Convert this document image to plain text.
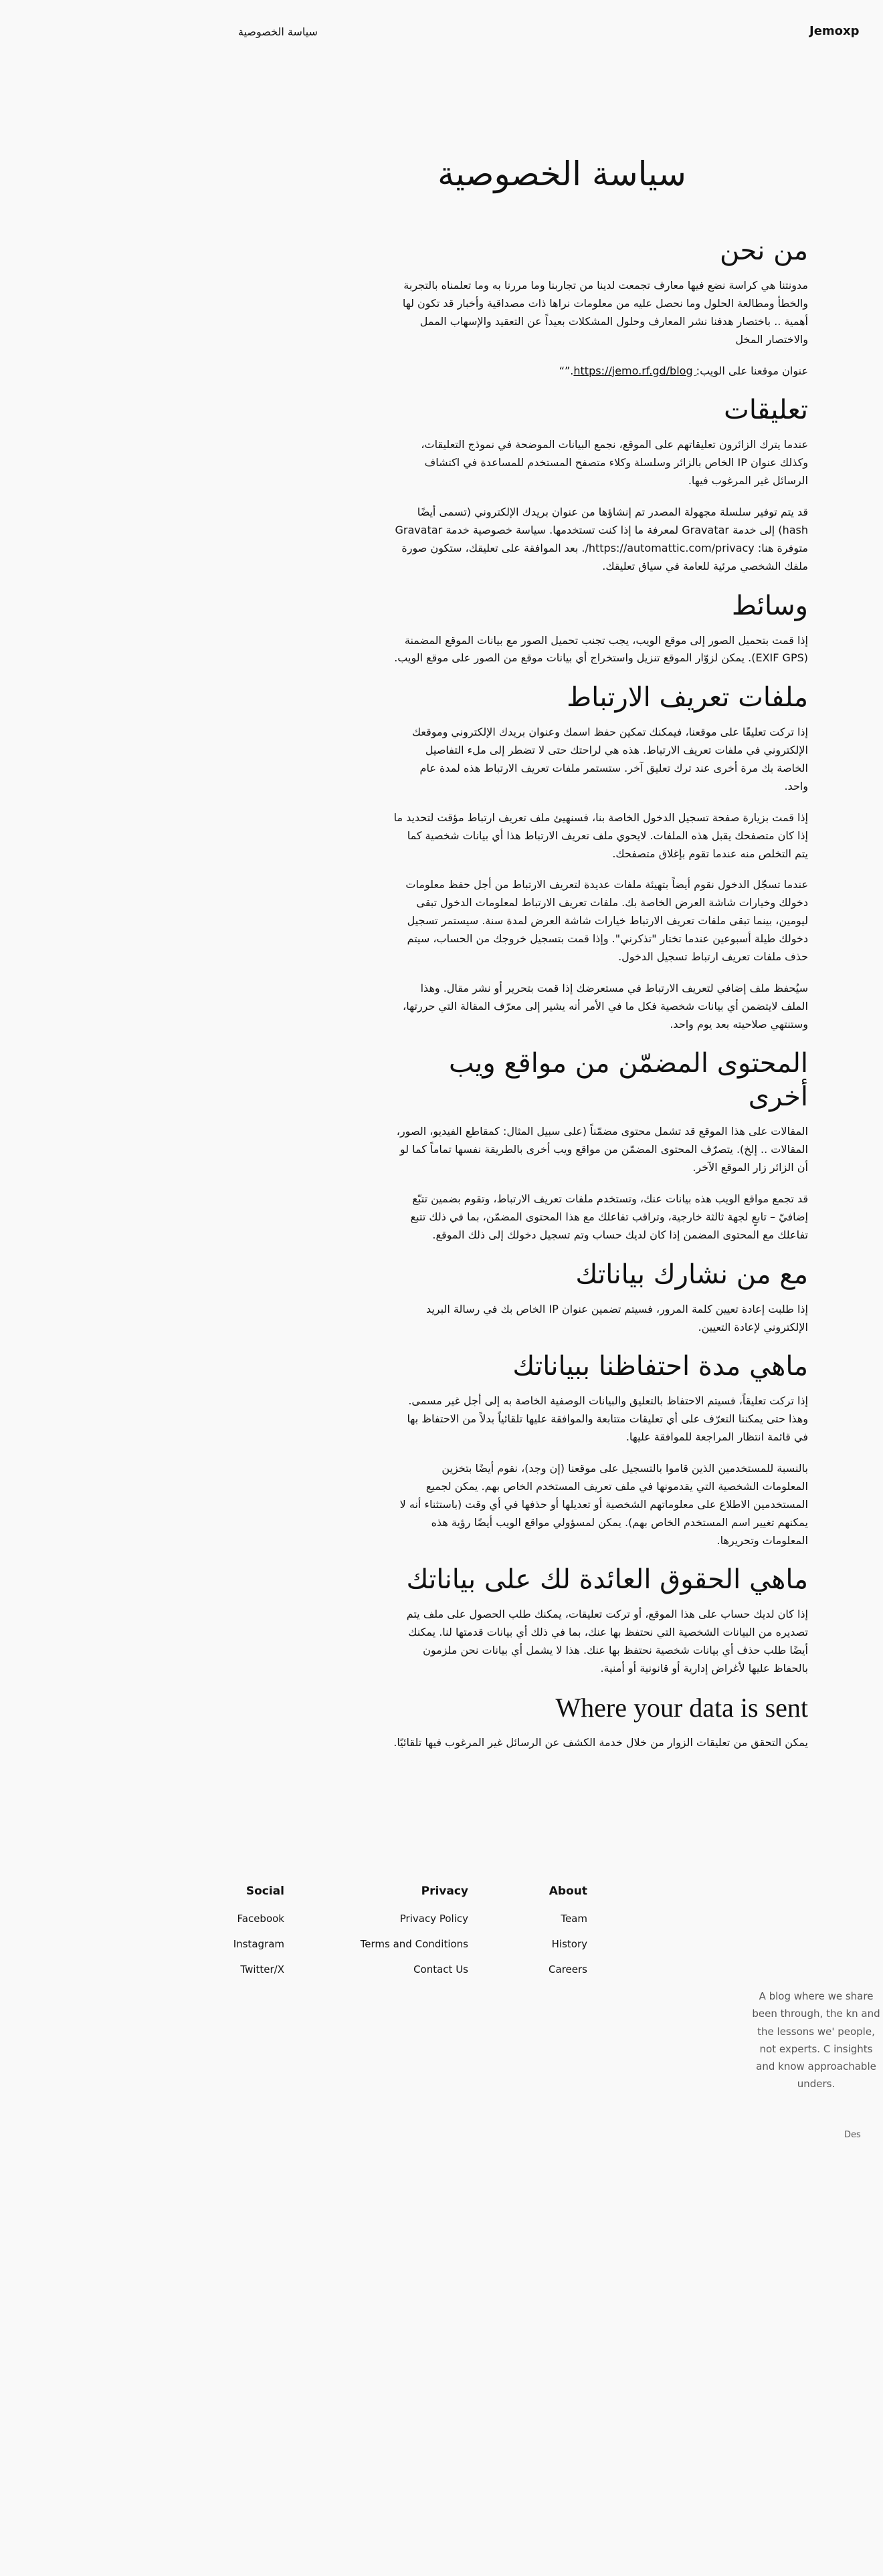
Jemoxp
سياسة الخصوصية
سياسة الخصوصية
من نحن

مدونتنا هي كراسة نضع فيها معارف تجمعت لدينا من تجاربنا وما مررنا به وما تعلمناه بالتجربة والخطأ ومطالعة الحلول وما نحصل عليه من معلومات نراها ذات مصداقية وأخبار قد تكون لها أهمية .. باختصار هدفنا نشر المعارف وحلول المشكلات بعيداً عن التعقيد والإسهاب الممل والاختصار المخل

عنوان موقعنا على الويب: https://jemo.rf.gd/blogِ.”“

تعليقات

عندما يترك الزائرون تعليقاتهم على الموقع، نجمع البيانات الموضحة في نموذج التعليقات، وكذلك عنوان IP الخاص بالزائر وسلسلة وكلاء متصفح المستخدم للمساعدة في اكتشاف الرسائل غير المرغوب فيها.

قد يتم توفير سلسلة مجهولة المصدر تم إنشاؤها من عنوان بريدك الإلكتروني (تسمى أيضًا hash) إلى خدمة Gravatar لمعرفة ما إذا كنت تستخدمها. سياسة خصوصية خدمة Gravatar متوفرة هنا: https://automattic.com/privacy/. بعد الموافقة على تعليقك، ستكون صورة ملفك الشخصي مرئية للعامة في سياق تعليقك.

وسائط

إذا قمت بتحميل الصور إلى موقع الويب، يجب تجنب تحميل الصور مع بيانات الموقع المضمنة (EXIF GPS). يمكن لزوّار الموقع تنزيل واستخراج أي بيانات موقع من الصور على موقع الويب.

ملفات تعريف الارتباط

إذا تركت تعليقًا على موقعنا، فيمكنك تمكين حفظ اسمك وعنوان بريدك الإلكتروني وموقعك الإلكتروني في ملفات تعريف الارتباط. هذه هي لراحتك حتى لا تضطر إلى ملء التفاصيل الخاصة بك مرة أخرى عند ترك تعليق آخر. ستستمر ملفات تعريف الارتباط هذه لمدة عام واحد.

إذا قمت بزيارة صفحة تسجيل الدخول الخاصة بنا، فسنهيئ ملف تعريف ارتباط مؤقت لتحديد ما إذا كان متصفحك يقبل هذه الملفات. لايحوي ملف تعريف الارتباط هذا أي بيانات شخصية كما يتم التخلص منه عندما تقوم بإغلاق متصفحك.

عندما تسجّل الدخول نقوم أيضاً بتهيئة ملفات عديدة لتعريف الارتباط من أجل حفظ معلومات دخولك وخيارات شاشة العرض الخاصة بك. ملفات تعريف الارتباط لمعلومات الدخول تبقى ليومين، بينما تبقى ملفات تعريف الارتباط خيارات شاشة العرض لمدة سنة. سيستمر تسجيل دخولك طيلة أسبوعين عندما تختار "تذكرني". وإذا قمت بتسجيل خروجك من الحساب، سيتم حذف ملفات تعريف ارتباط تسجيل الدخول.

سيُحفظ ملف إضافي لتعريف الارتباط في مستعرضك إذا قمت بتحرير أو نشر مقال. وهذا الملف لايتضمن أي بيانات شخصية فكل ما في الأمر أنه يشير إلى معرّف المقالة التي حررتها، وستنتهي صلاحيته بعد يوم واحد.

المحتوى المضمّن من مواقع ويب أخرى

المقالات على هذا الموقع قد تشمل محتوى مضمّناً (على سبيل المثال: كمقاطع الفيديو، الصور، المقالات .. إلخ). يتصرّف المحتوى المضمّن من مواقع ويب أخرى بالطريقة نفسها تماماً كما لو أن الزائر زار الموقع الآخر.

قد تجمع مواقع الويب هذه بيانات عنك، وتستخدم ملفات تعريف الارتباط، وتقوم بضمين تتبّع إضافيّ – تابعٍ لجهة ثالثة خارجية، وتراقب تفاعلك مع هذا المحتوى المضمّن، بما في ذلك تتبع تفاعلك مع المحتوى المضمن إذا كان لديك حساب وتم تسجيل دخولك إلى ذلك الموقع.

مع من نشارك بياناتك

إذا طلبت إعادة تعيين كلمة المرور، فسيتم تضمين عنوان IP الخاص بك في رسالة البريد الإلكتروني لإعادة التعيين.

ماهي مدة احتفاظنا ببياناتك

إذا تركت تعليقاً، فسيتم الاحتفاظ بالتعليق والبيانات الوصفية الخاصة به إلى أجل غير مسمى. وهذا حتى يمكننا التعرّف على أي تعليقات متتابعة والموافقة عليها تلقائياً بدلاً من الاحتفاظ بها في قائمة انتظار المراجعة للموافقة عليها.

بالنسبة للمستخدمين الذين قاموا بالتسجيل على موقعنا (إن وجد)، نقوم أيضًا بتخزين المعلومات الشخصية التي يقدمونها في ملف تعريف المستخدم الخاص بهم. يمكن لجميع المستخدمين الاطلاع على معلوماتهم الشخصية أو تعديلها أو حذفها في أي وقت (باستثناء أنه لا يمكنهم تغيير اسم المستخدم الخاص بهم). يمكن لمسؤولي مواقع الويب أيضًا رؤية هذه المعلومات وتحريرها.

ماهي الحقوق العائدة لك على بياناتك

إذا كان لديك حساب على هذا الموقع، أو تركت تعليقات، يمكنك طلب الحصول على ملف يتم تصديره من البيانات الشخصية التي نحتفظ بها عنك، بما في ذلك أي بيانات قدمتها لنا. يمكنك أيضًا طلب حذف أي بيانات شخصية نحتفظ بها عنك. هذا لا يشمل أي بيانات نحن ملزمون بالحفاظ عليها لأغراض إدارية أو قانونية أو أمنية.

Where your data is sent

يمكن التحقق من تعليقات الزوار من خلال خدمة الكشف عن الرسائل غير المرغوب فيها تلقائيًا.

A blog where we share been through, the kn and the lessons we' people, not experts. C insights and know approachable unders.
About
Team
History
Careers
Privacy
Privacy Policy
Terms and Conditions
Contact Us
Social
Facebook
Instagram
Twitter/X
Des
